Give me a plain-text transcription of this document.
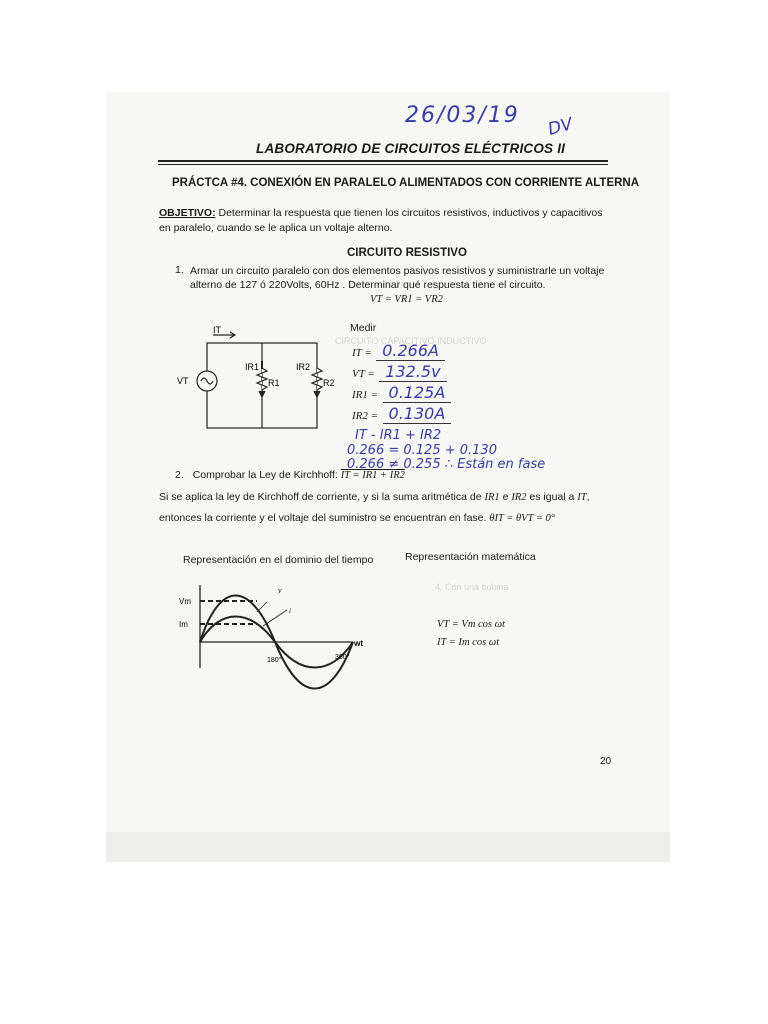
CIRCUITO CAPACITIVO INDUCTIVO
4. Con una bobina
26/03/19 DV
LABORATORIO DE CIRCUITOS ELÉCTRICOS II
PRÁCTCA #4. CONEXIÓN EN PARALELO ALIMENTADOS CON CORRIENTE ALTERNA
OBJETIVO: Determinar la respuesta que tienen los circuitos resistivos, inductivos y capacitivos en paralelo, cuando se le aplica un voltaje alterno.
CIRCUITO RESISTIVO
1. Armar un circuito paralelo con dos elementos pasivos resistivos y suministrarle un voltaje alterno de 127 ó 220Volts, 60Hz . Determinar qué respuesta tiene el circuito.
VT = VR1 = VR2
IT
IR1	IR2
VT	R1	R2
Medir
IT = 0.266A
VT = 132.5v
IR1 = 0.125A
IR2 = 0.130A
IT - IR1 + IR2
0.266 = 0.125 + 0.130
0.266 ≠ 0.255 ∴ Están en fase
2. Comprobar la Ley de Kirchhoff: IT = IR1 + IR2
Si se aplica la ley de Kirchhoff de corriente, y si la suma aritmética de IR1 e IR2 es igual a IT, entonces la corriente y el voltaje del suministro se encuentran en fase. θIT = θVT = 0°
Representación en el dominio del tiempo	Representación matemática
Vm
Im
wt
180°	360°
v
i
VT = Vm cos ωt
IT = Im cos ωt
20
